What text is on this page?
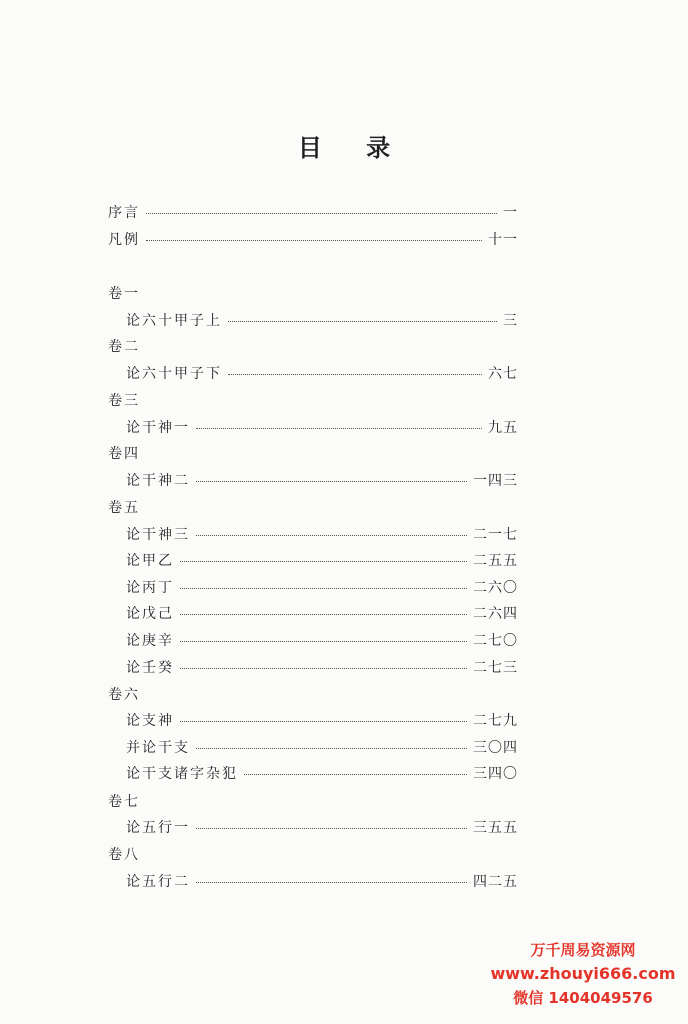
目 录
序言	一
凡例	十一
卷一
论六十甲子上	三
卷二
论六十甲子下	六七
卷三
论干神一	九五
卷四
论干神二	一四三
卷五
论干神三	二一七
论甲乙	二五五
论丙丁	二六〇
论戊己	二六四
论庚辛	二七〇
论壬癸	二七三
卷六
论支神	二七九
并论干支	三〇四
论干支诸字杂犯	三四〇
卷七
论五行一	三五五
卷八
论五行二	四二五
万千周易资源网
www.zhouyi666.com
微信 1404049576
